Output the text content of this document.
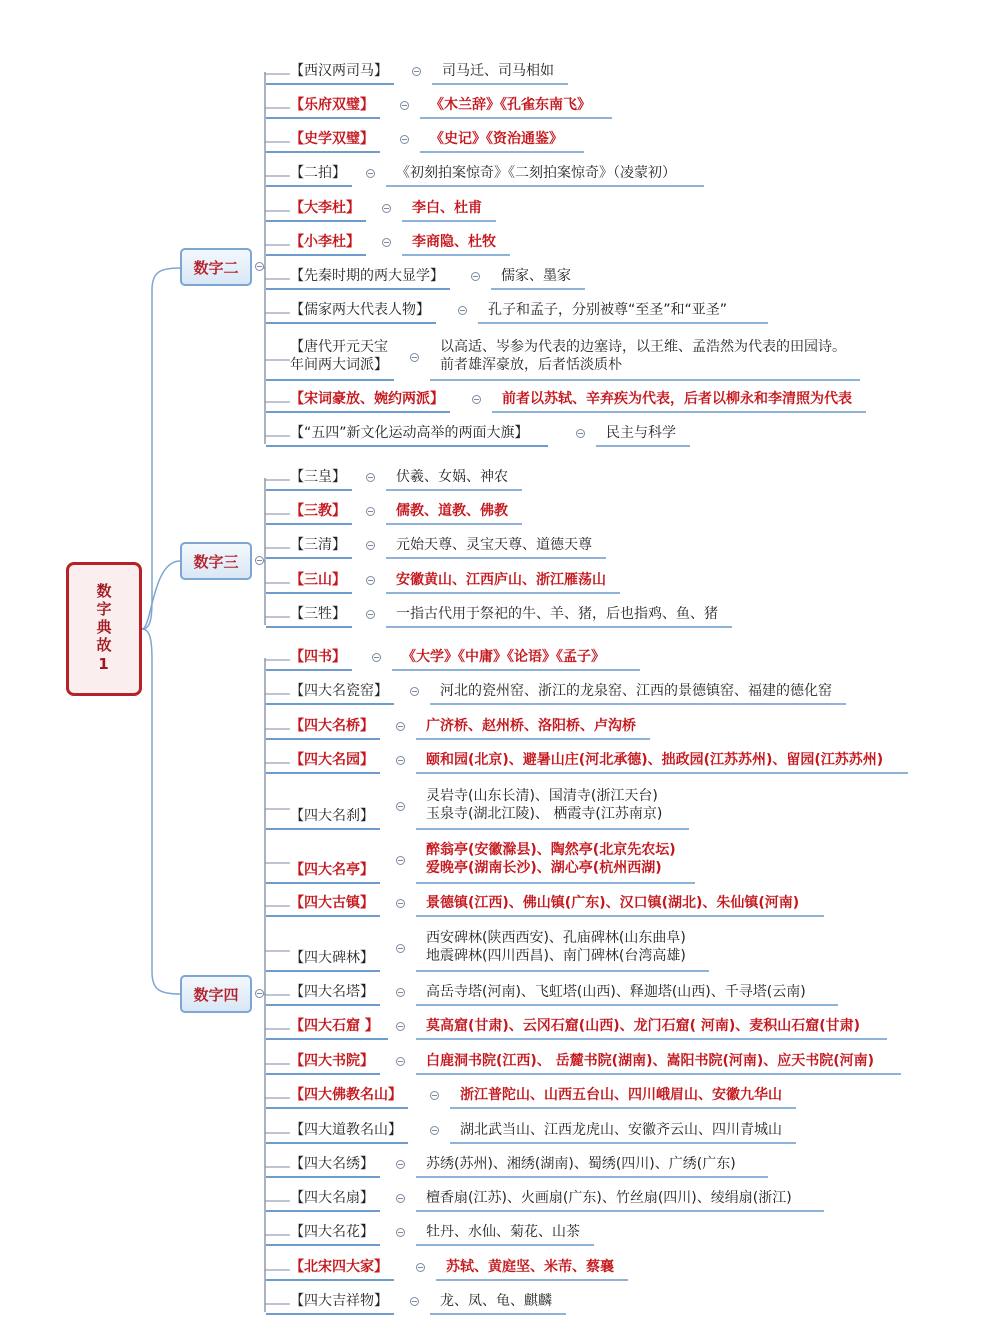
数字典故1
数字二
数字三
数字四
【西汉两司马】	司马迁、司马相如
【乐府双璧】	《木兰辞》《孔雀东南飞》
【史学双璧】	《史记》《资治通鉴》
【二拍】	《初刻拍案惊奇》《二刻拍案惊奇》（凌蒙初）
【大李杜】	李白、杜甫
【小李杜】	李商隐、杜牧
【先秦时期的两大显学】	儒家、墨家
【儒家两大代表人物】	孔子和孟子，分别被尊“至圣”和“亚圣”
【唐代开元天宝
年间两大词派】
以高适、岑参为代表的边塞诗，以王维、孟浩然为代表的田园诗。
前者雄浑豪放，后者恬淡质朴
【宋词豪放、婉约两派】	前者以苏轼、辛弃疾为代表，后者以柳永和李清照为代表
【“五四”新文化运动高举的两面大旗】	民主与科学
【三皇】	伏羲、女娲、神农
【三教】	儒教、道教、佛教
【三清】	元始天尊、灵宝天尊、道德天尊
【三山】	安徽黄山、江西庐山、浙江雁荡山
【三牲】	一指古代用于祭祀的牛、羊、猪，后也指鸡、鱼、猪
【四书】	《大学》《中庸》《论语》《孟子》
【四大名瓷窑】	河北的瓷州窑、浙江的龙泉窑、江西的景德镇窑、福建的德化窑
【四大名桥】	广济桥、赵州桥、洛阳桥、卢沟桥
【四大名园】	颐和园(北京)、避暑山庄(河北承德)、拙政园(江苏苏州)、留园(江苏苏州)
【四大名刹】
灵岩寺(山东长清)、国清寺(浙江天台)
玉泉寺(湖北江陵)、 栖霞寺(江苏南京)
【四大名亭】
醉翁亭(安徽滁县)、陶然亭(北京先农坛)
爱晚亭(湖南长沙)、湖心亭(杭州西湖)
【四大古镇】	景德镇(江西)、佛山镇(广东)、汉口镇(湖北)、朱仙镇(河南)
【四大碑林】
西安碑林(陕西西安)、孔庙碑林(山东曲阜)
地震碑林(四川西昌)、南门碑林(台湾高雄)
【四大名塔】	高岳寺塔(河南)、飞虹塔(山西)、释迦塔(山西)、千寻塔(云南)
【四大石窟 】	莫高窟(甘肃)、云冈石窟(山西)、龙门石窟( 河南)、麦积山石窟(甘肃)
【四大书院】	白鹿洞书院(江西)、 岳麓书院(湖南)、嵩阳书院(河南)、应天书院(河南)
【四大佛教名山】	浙江普陀山、山西五台山、四川峨眉山、安徽九华山
【四大道教名山】	湖北武当山、江西龙虎山、安徽齐云山、四川青城山
【四大名绣】	苏绣(苏州)、湘绣(湖南)、蜀绣(四川)、广绣(广东)
【四大名扇】	檀香扇(江苏)、火画扇(广东)、竹丝扇(四川)、绫绢扇(浙江)
【四大名花】	牡丹、水仙、菊花、山茶
【北宋四大家】	苏轼、黄庭坚、米芾、蔡襄
【四大吉祥物】	龙、凤、龟、麒麟
